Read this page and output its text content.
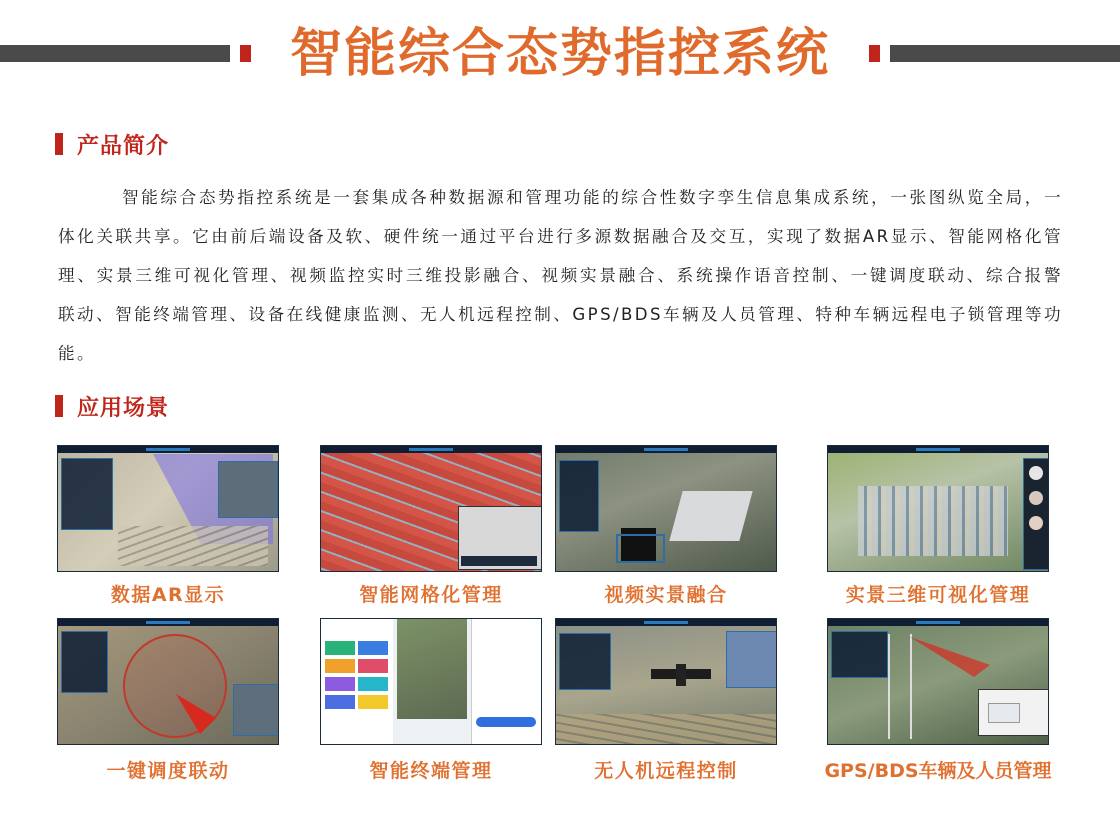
智能综合态势指控系统
产品简介
智能综合态势指控系统是一套集成各种数据源和管理功能的综合性数字孪生信息集成系统，一张图纵览全局，一体化关联共享。它由前后端设备及软、硬件统一通过平台进行多源数据融合及交互，实现了数据AR显示、智能网格化管理、实景三维可视化管理、视频监控实时三维投影融合、视频实景融合、系统操作语音控制、一键调度联动、综合报警联动、智能终端管理、设备在线健康监测、无人机远程控制、GPS/BDS车辆及人员管理、特种车辆远程电子锁管理等功能。
应用场景
数据AR显示	智能网格化管理	视频实景融合	实景三维可视化管理
一键调度联动	智能终端管理	无人机远程控制	GPS/BDS车辆及人员管理
